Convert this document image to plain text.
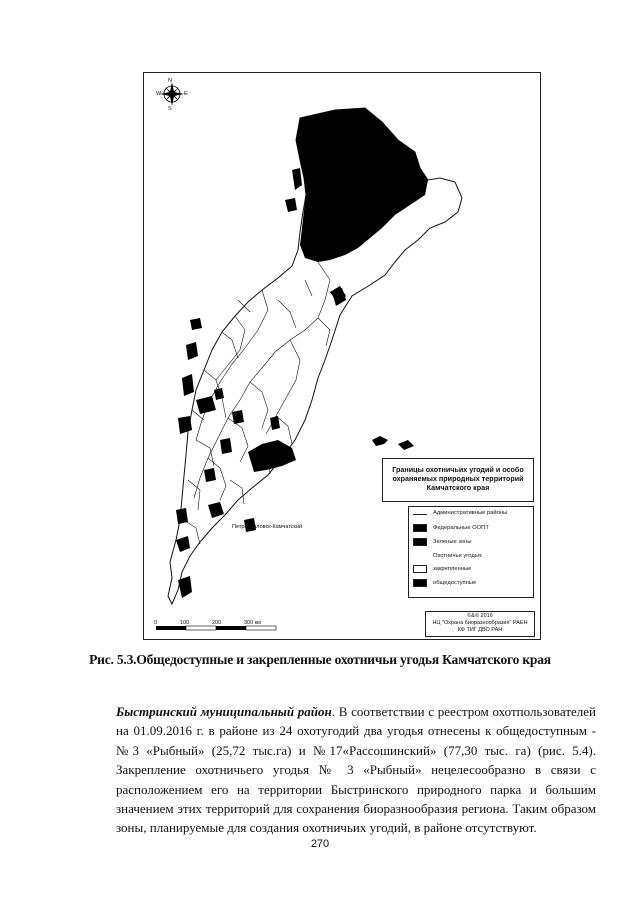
N
S
W	E
Петропавловск-Камчатский
Границы охотничьих угодий и особо охраняемых природных территорий Камчатского края
Административные районы
Федеральные ООПТ
Зеленые зоны
Охотничьи угодья:
закрепленные
общедоступные
©&© 2016
НЦ "Охрана биоразнообразия" РАЕН
КФ ТИГ ДВО РАН
0	100	200	300 км
Рис. 5.3.Общедоступные и закрепленные охотничьи угодья Камчатского края
Быстринский муниципальный район. В соответствии с реестром охотпользователей на 01.09.2016 г. в районе из 24 охотугодий два угодья отнесены к общедоступным - №3 «Рыбный» (25,72 тыс.га) и №17«Рассошинский» (77,30 тыс. га) (рис. 5.4). Закрепление охотничьего угодья № 3 «Рыбный» нецелесообразно в связи с расположением его на территории Быстринского природного парка и большим значением этих территорий для сохранения биоразнообразия региона. Таким образом зоны, планируемые для создания охотничьих угодий, в районе отсутствуют.
270
